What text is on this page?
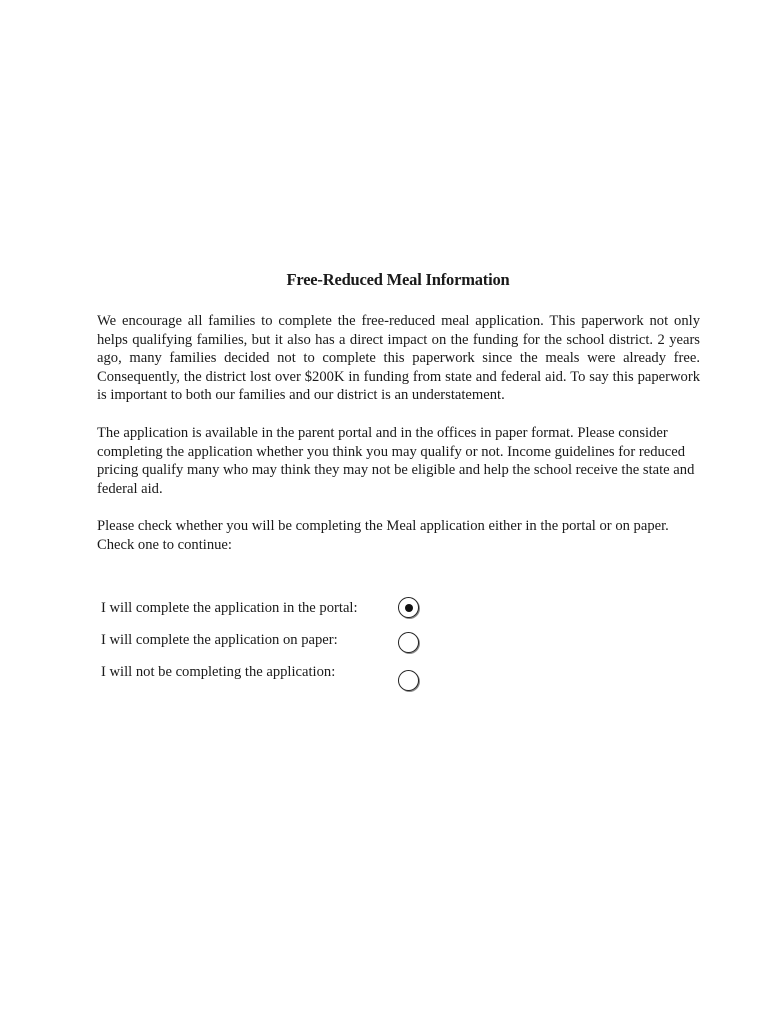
Free-Reduced Meal Information

We encourage all families to complete the free-reduced meal application. This paperwork not only helps qualifying families, but it also has a direct impact on the funding for the school district. 2 years ago, many families decided not to complete this paperwork since the meals were already free. Consequently, the district lost over $200K in funding from state and federal aid. To say this paperwork is important to both our families and our district is an understatement.

The application is available in the parent portal and in the offices in paper format. Please consider completing the application whether you think you may qualify or not. Income guidelines for reduced pricing qualify many who may think they may not be eligible and help the school receive the state and federal aid.

Please check whether you will be completing the Meal application either in the portal or on paper. Check one to continue:

I will complete the application in the portal:
I will complete the application on paper:
I will not be completing the application:
